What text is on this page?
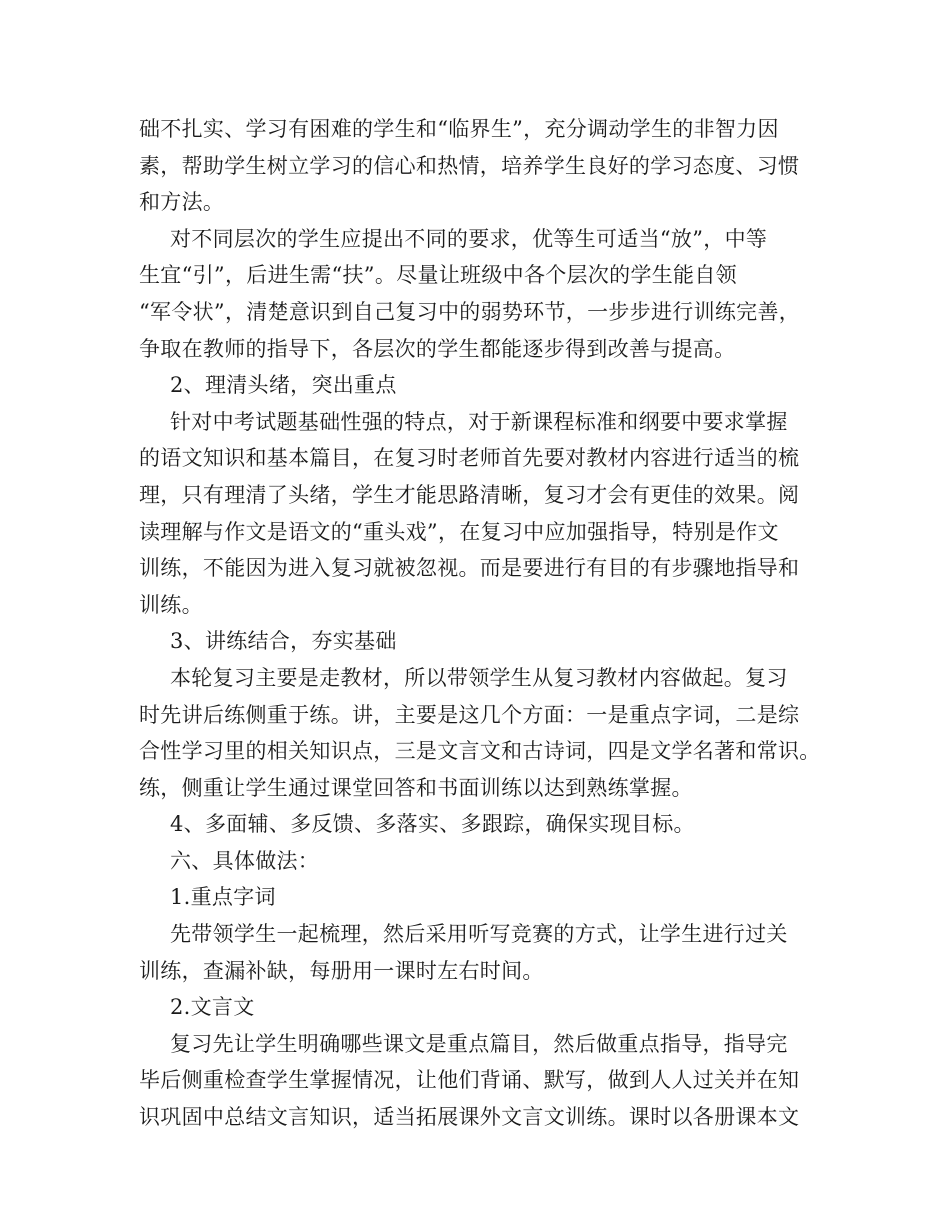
础不扎实、学习有困难的学生和“临界生”，充分调动学生的非智力因
素，帮助学生树立学习的信心和热情，培养学生良好的学习态度、习惯
和方法。
对不同层次的学生应提出不同的要求，优等生可适当“放”，中等
生宜“引”，后进生需“扶”。尽量让班级中各个层次的学生能自领
“军令状”，清楚意识到自己复习中的弱势环节，一步步进行训练完善，
争取在教师的指导下，各层次的学生都能逐步得到改善与提高。
2、理清头绪，突出重点
针对中考试题基础性强的特点，对于新课程标准和纲要中要求掌握
的语文知识和基本篇目，在复习时老师首先要对教材内容进行适当的梳
理，只有理清了头绪，学生才能思路清晰，复习才会有更佳的效果。阅
读理解与作文是语文的“重头戏”，在复习中应加强指导，特别是作文
训练，不能因为进入复习就被忽视。而是要进行有目的有步骤地指导和
训练。
3、讲练结合，夯实基础
本轮复习主要是走教材，所以带领学生从复习教材内容做起。复习
时先讲后练侧重于练。讲，主要是这几个方面：一是重点字词，二是综
合性学习里的相关知识点，三是文言文和古诗词，四是文学名著和常识。
练，侧重让学生通过课堂回答和书面训练以达到熟练掌握。
4、多面辅、多反馈、多落实、多跟踪，确保实现目标。
六、具体做法：
1.重点字词
先带领学生一起梳理，然后采用听写竞赛的方式，让学生进行过关
训练，查漏补缺，每册用一课时左右时间。
2.文言文
复习先让学生明确哪些课文是重点篇目，然后做重点指导，指导完
毕后侧重检查学生掌握情况，让他们背诵、默写，做到人人过关并在知
识巩固中总结文言知识，适当拓展课外文言文训练。课时以各册课本文
